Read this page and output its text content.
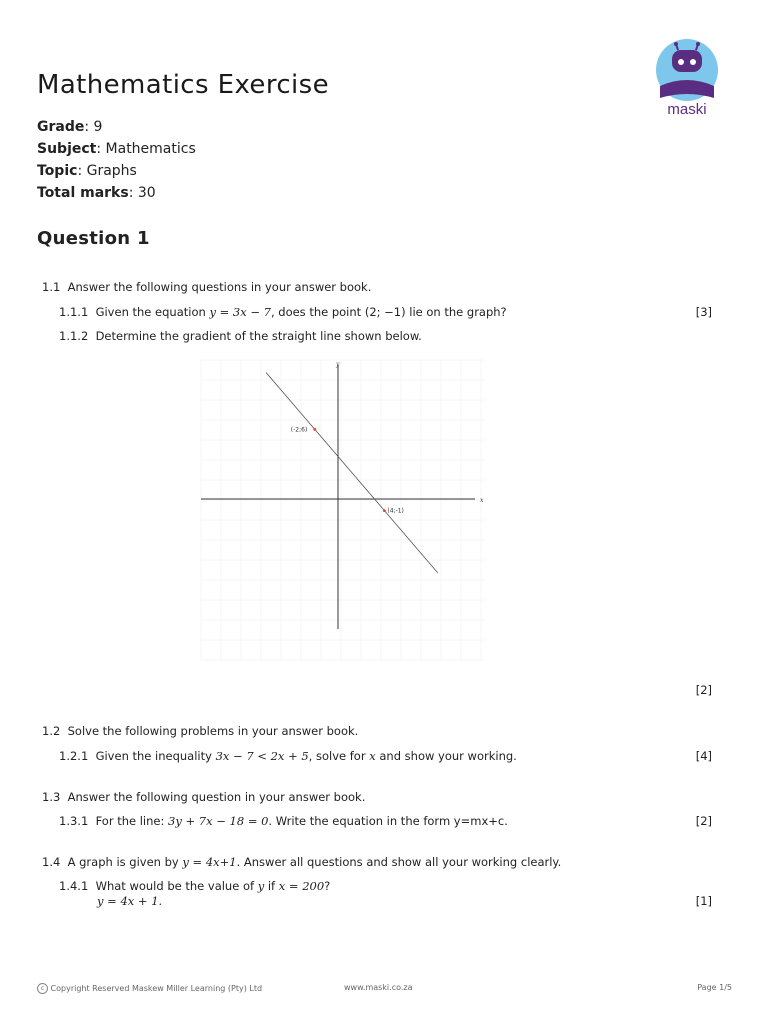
maski
Mathematics Exercise
Grade: 9
Subject: Mathematics
Topic: Graphs
Total marks: 30
Question 1
1.1 Answer the following questions in your answer book.
1.1.1 Given the equation y = 3x − 7, does the point (2; −1) lie on the graph?	[3]
1.1.2 Determine the gradient of the straight line shown below.
x
y
(-2;6)
(4;-1)
[2]
1.2 Solve the following problems in your answer book.
1.2.1 Given the inequality 3x − 7 < 2x + 5, solve for x and show your working.	[4]
1.3 Answer the following question in your answer book.
1.3.1 For the line: 3y + 7x − 18 = 0. Write the equation in the form y=mx+c.	[2]
1.4 A graph is given by y = 4x+1. Answer all questions and show all your working clearly.
1.4.1 What would be the value of y if x = 200?
y = 4x + 1.	[1]
c Copyright Reserved Maskew Miller Learning (Pty) Ltd	www.maski.co.za	Page 1/5
